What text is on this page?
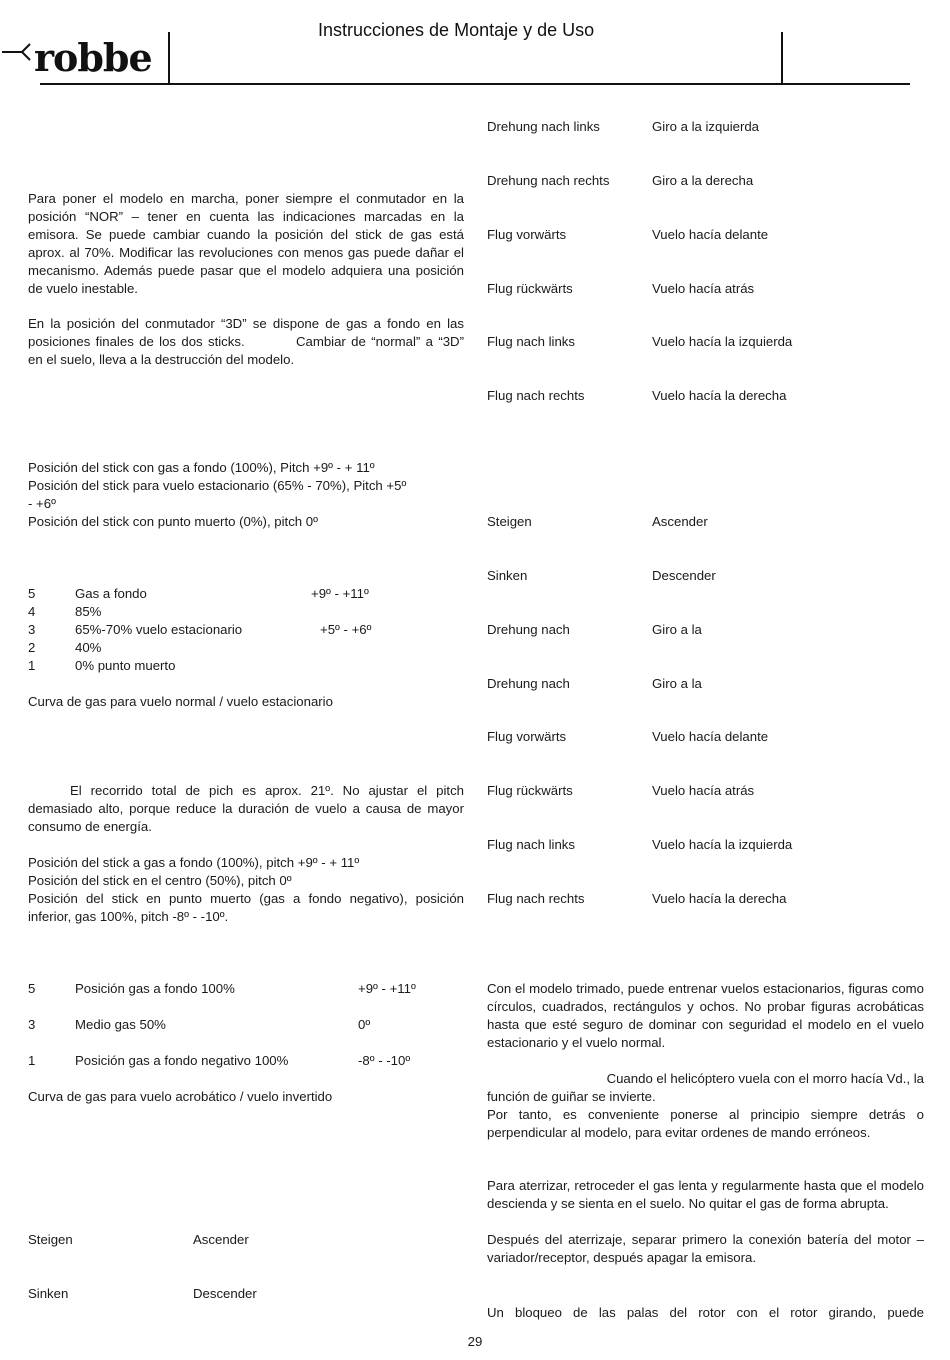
robbe
Instrucciones de Montaje y de Uso
Para poner el modelo en marcha, poner siempre el conmutador en la posición “NOR” – tener en cuenta las indicaciones marcadas en la emisora. Se puede cambiar cuando la posición del stick de gas está aprox. al 70%. Modificar las revoluciones con menos gas puede dañar el mecanismo. Además puede pasar que el modelo adquiera una posición de vuelo inestable.
En la posición del conmutador “3D” se dispone de gas a fondo en las posiciones finales de los dos sticks.	Cambiar de “normal” a “3D” en el suelo, lleva a la destrucción del modelo.
Posición del stick con gas a fondo (100%), Pitch +9º - + 11º
Posición del stick para vuelo estacionario (65% - 70%), Pitch +5º
- +6º
Posición del stick con punto muerto (0%), pitch 0º
5	Gas a fondo	+9º - +11º
4	85%
3	65%-70% vuelo estacionario	+5º - +6º
2	40%
1	0% punto muerto
Curva de gas para vuelo normal / vuelo estacionario
El recorrido total de pich es aprox. 21º. No ajustar el pitch demasiado alto, porque reduce la duración de vuelo a causa de mayor consumo de energía.
Posición del stick a gas a fondo (100%), pitch +9º - + 11º
Posición del stick en el centro (50%), pitch 0º
Posición del stick en punto muerto (gas a fondo negativo), posición inferior, gas 100%, pitch -8º - -10º.
5	Posición gas a fondo 100%	+9º - +11º
3	Medio gas 50%	0º
1	Posición gas a fondo negativo 100%	-8º - -10º
Curva de gas para vuelo acrobático / vuelo invertido
Steigen	Ascender
Sinken	Descender
Drehung nach links	Giro a la izquierda
Drehung nach rechts	Giro a la derecha
Flug vorwärts	Vuelo hacía delante
Flug rückwärts	Vuelo hacía atrás
Flug nach links	Vuelo hacía la izquierda
Flug nach rechts	Vuelo hacía la derecha
Steigen	Ascender
Sinken	Descender
Drehung nach	Giro a la
Drehung nach	Giro a la
Flug vorwärts	Vuelo hacía delante
Flug rückwärts	Vuelo hacía atrás
Flug nach links	Vuelo hacía la izquierda
Flug nach rechts	Vuelo hacía la derecha
Con el modelo trimado, puede entrenar vuelos estacionarios, figuras como círculos, cuadrados, rectángulos y ochos. No probar figuras acrobáticas hasta que esté seguro de dominar con seguridad el modelo en el vuelo estacionario y el vuelo normal.
Cuando el helicóptero vuela con el morro hacía Vd., la
función de guiñar se invierte.
Por tanto, es conveniente ponerse al principio siempre detrás o perpendicular al modelo, para evitar ordenes de mando erróneos.
Para aterrizar, retroceder el gas lenta y regularmente hasta que el modelo descienda y se sienta en el suelo. No quitar el gas de forma abrupta.
Después del aterrizaje, separar primero la conexión batería del motor – variador/receptor, después apagar la emisora.
Un bloqueo de las palas del rotor con el rotor girando, puede
29
